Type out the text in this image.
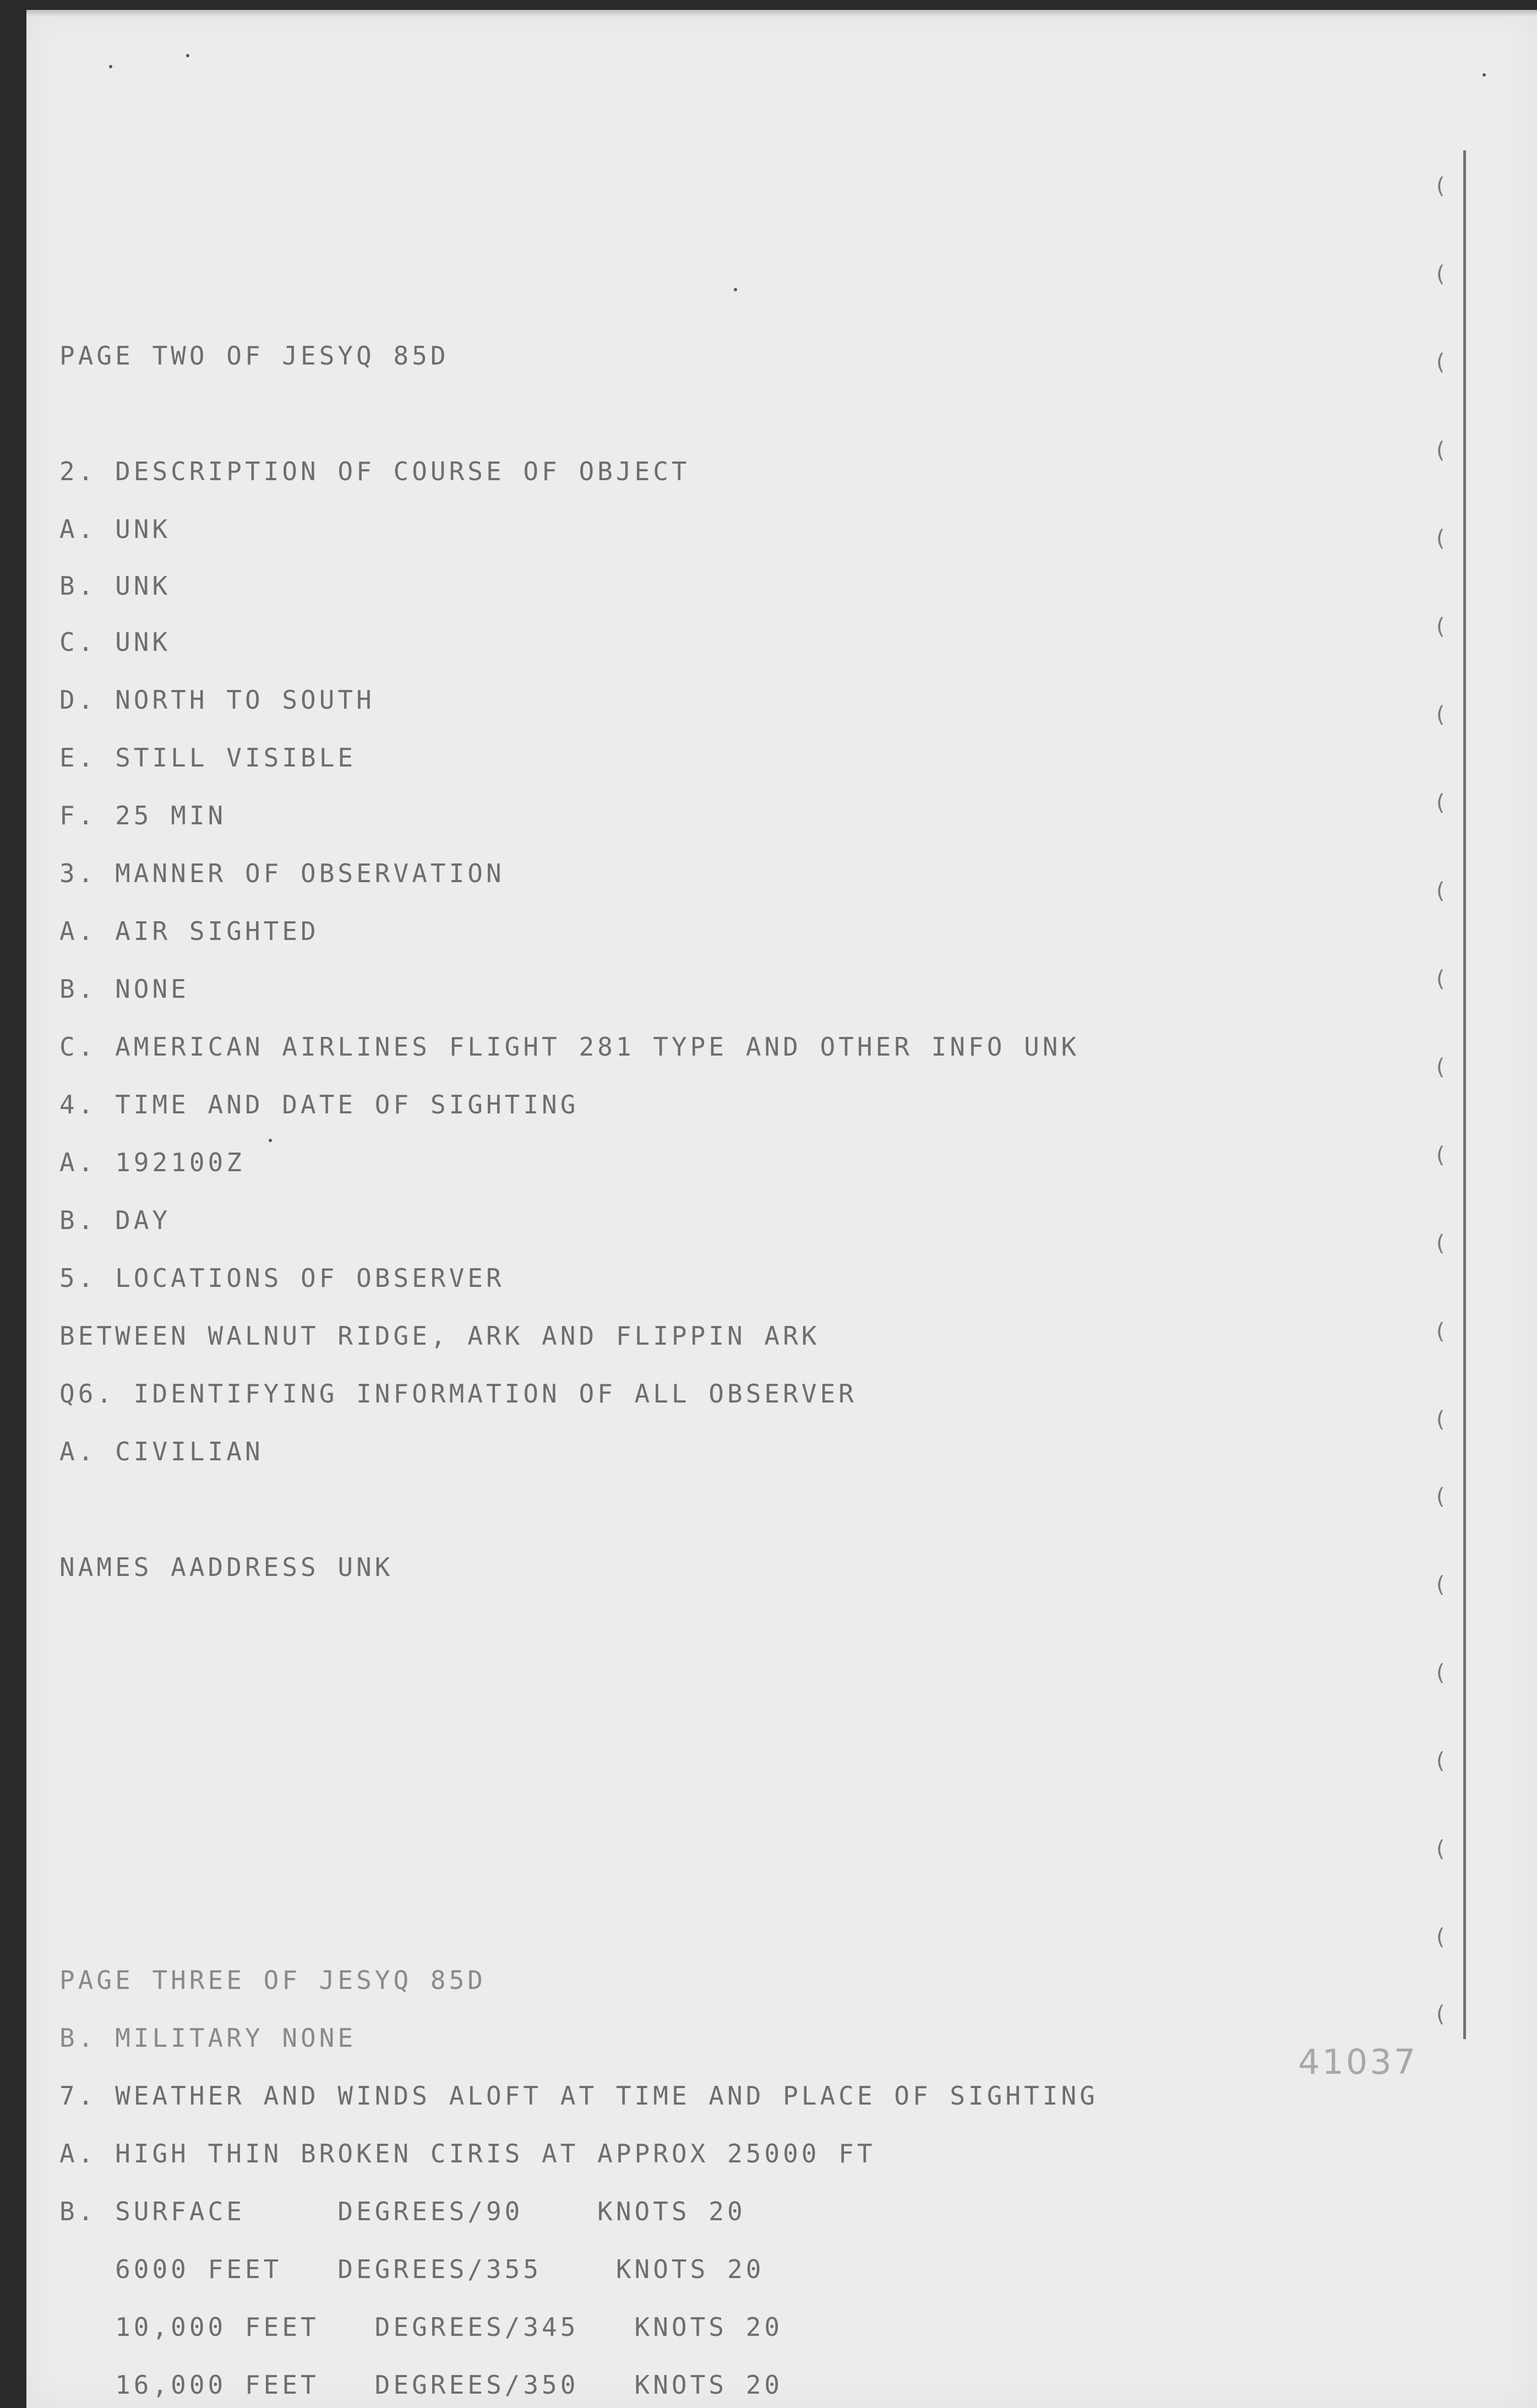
PAGE TWO OF JESYQ 85D
2. DESCRIPTION OF COURSE OF OBJECT
A. UNK
B. UNK
C. UNK
D. NORTH TO SOUTH
E. STILL VISIBLE
F. 25 MIN
3. MANNER OF OBSERVATION
A. AIR SIGHTED
B. NONE
C. AMERICAN AIRLINES FLIGHT 281 TYPE AND OTHER INFO UNK
4. TIME AND DATE OF SIGHTING
A. 192100Z
B. DAY
5. LOCATIONS OF OBSERVER
BETWEEN WALNUT RIDGE, ARK AND FLIPPIN ARK
Q6. IDENTIFYING INFORMATION OF ALL OBSERVER
A. CIVILIAN
NAMES AADDRESS UNK
PAGE THREE OF JESYQ 85D
B. MILITARY NONE
7. WEATHER AND WINDS ALOFT AT TIME AND PLACE OF SIGHTING
A. HIGH THIN BROKEN CIRIS AT APPROX 25000 FT
B. SURFACE     DEGREES/90    KNOTS 20
6000 FEET   DEGREES/355    KNOTS 20
10,000 FEET   DEGREES/345   KNOTS 20
16,000 FEET   DEGREES/350   KNOTS 20
41037
(
(
(
(
(
(
(
(
(
(
(
(
(
(
(
(
(
(
(
(
(
(
